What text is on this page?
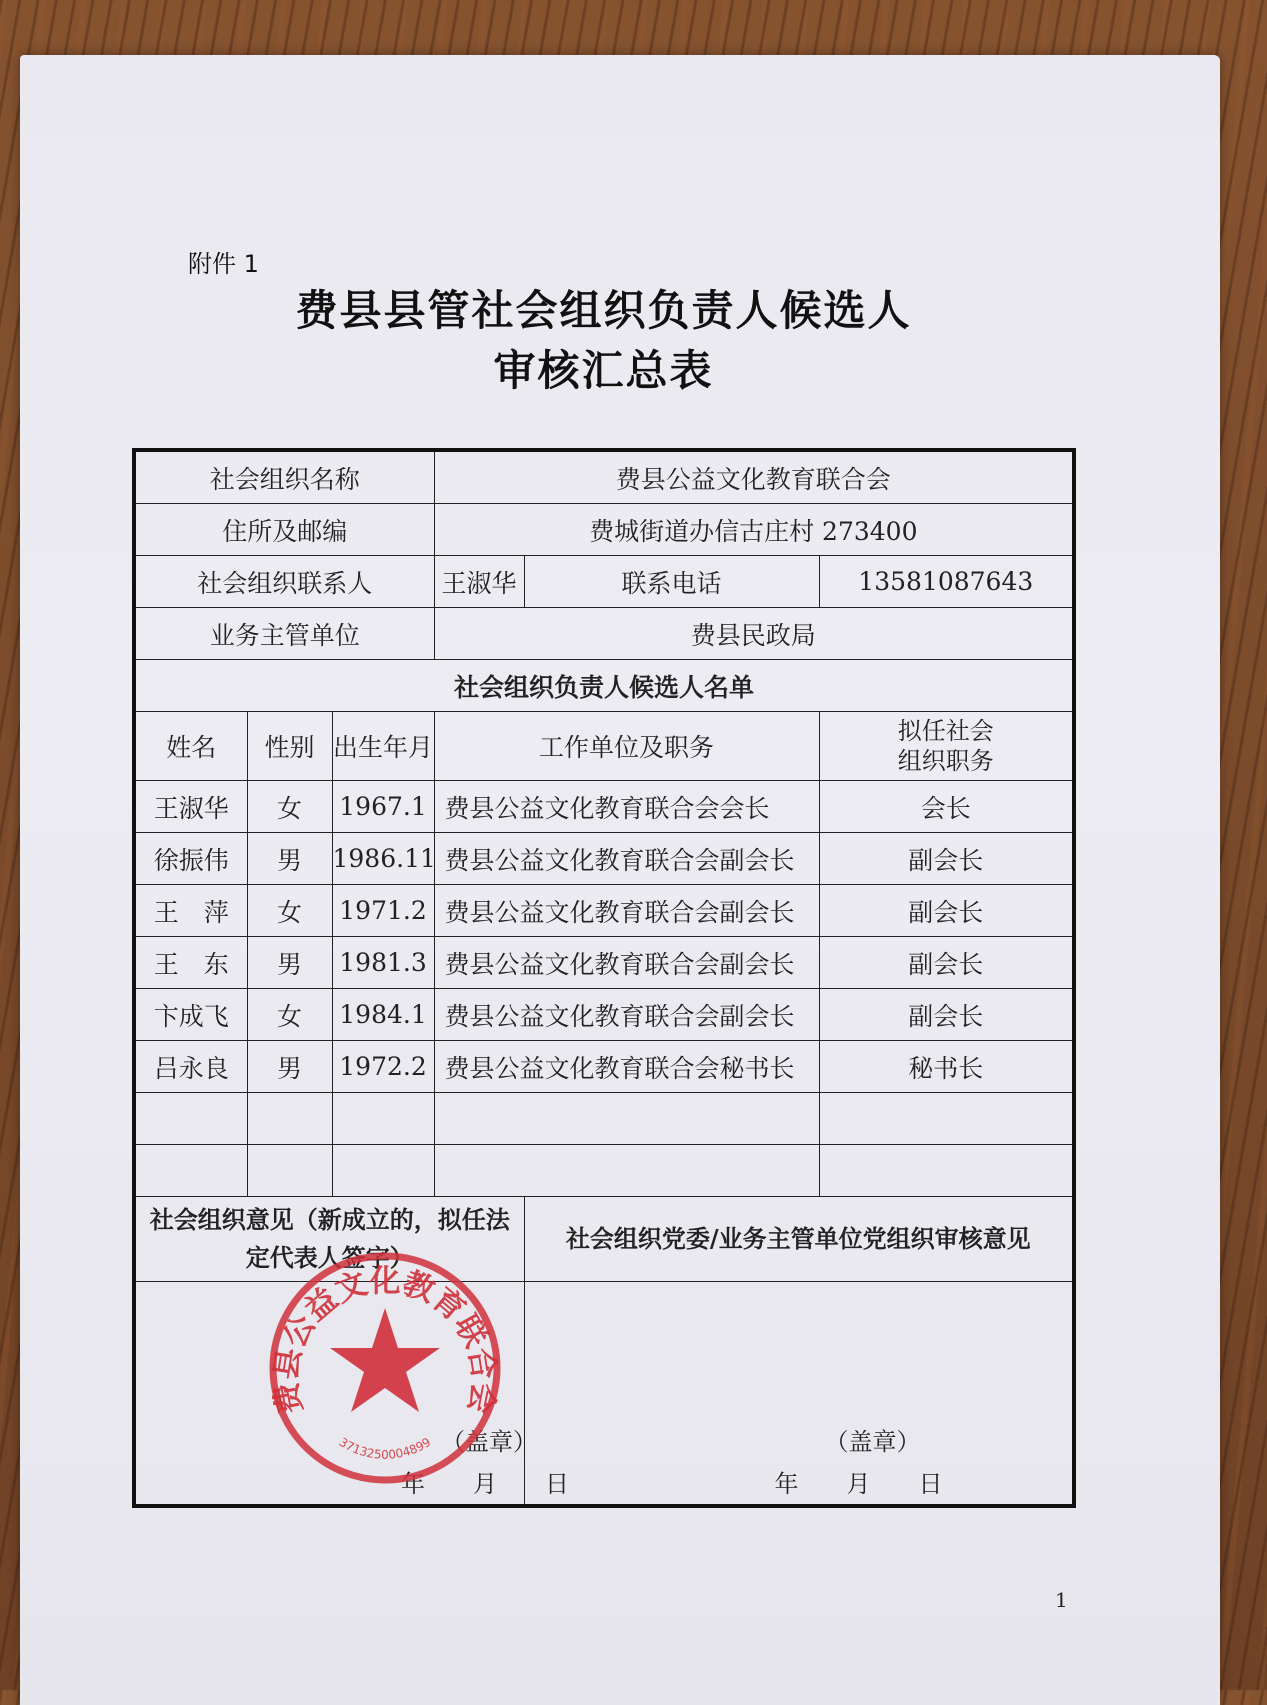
附件 1
费县县管社会组织负责人候选人
审核汇总表
社会组织名称			费县公益文化教育联合会		
住所及邮编			费城街道办信古庄村 273400		
社会组织联系人			王淑华	联系电话	13581087643
业务主管单位			费县民政局		
社会组织负责人候选人名单					
姓名	性别	出生年月	工作单位及职务		拟任社会组织职务
王淑华	女	1967.1	费县公益文化教育联合会会长		会长
徐振伟	男	1986.11	费县公益文化教育联合会副会长		副会长
王　萍	女	1971.2	费县公益文化教育联合会副会长		副会长
王　东	男	1981.3	费县公益文化教育联合会副会长		副会长
卞成飞	女	1984.1	费县公益文化教育联合会副会长		副会长
吕永良	男	1972.2	费县公益文化教育联合会秘书长		秘书长

社会组织意见（新成立的，拟任法定代表人签字）				社会组织党委/业务主管单位党组织审核意见	

（盖章）
年　　月　　日				（盖章）
年　　月　　日	
费县公益文化教育联合会
3713250004899
1
